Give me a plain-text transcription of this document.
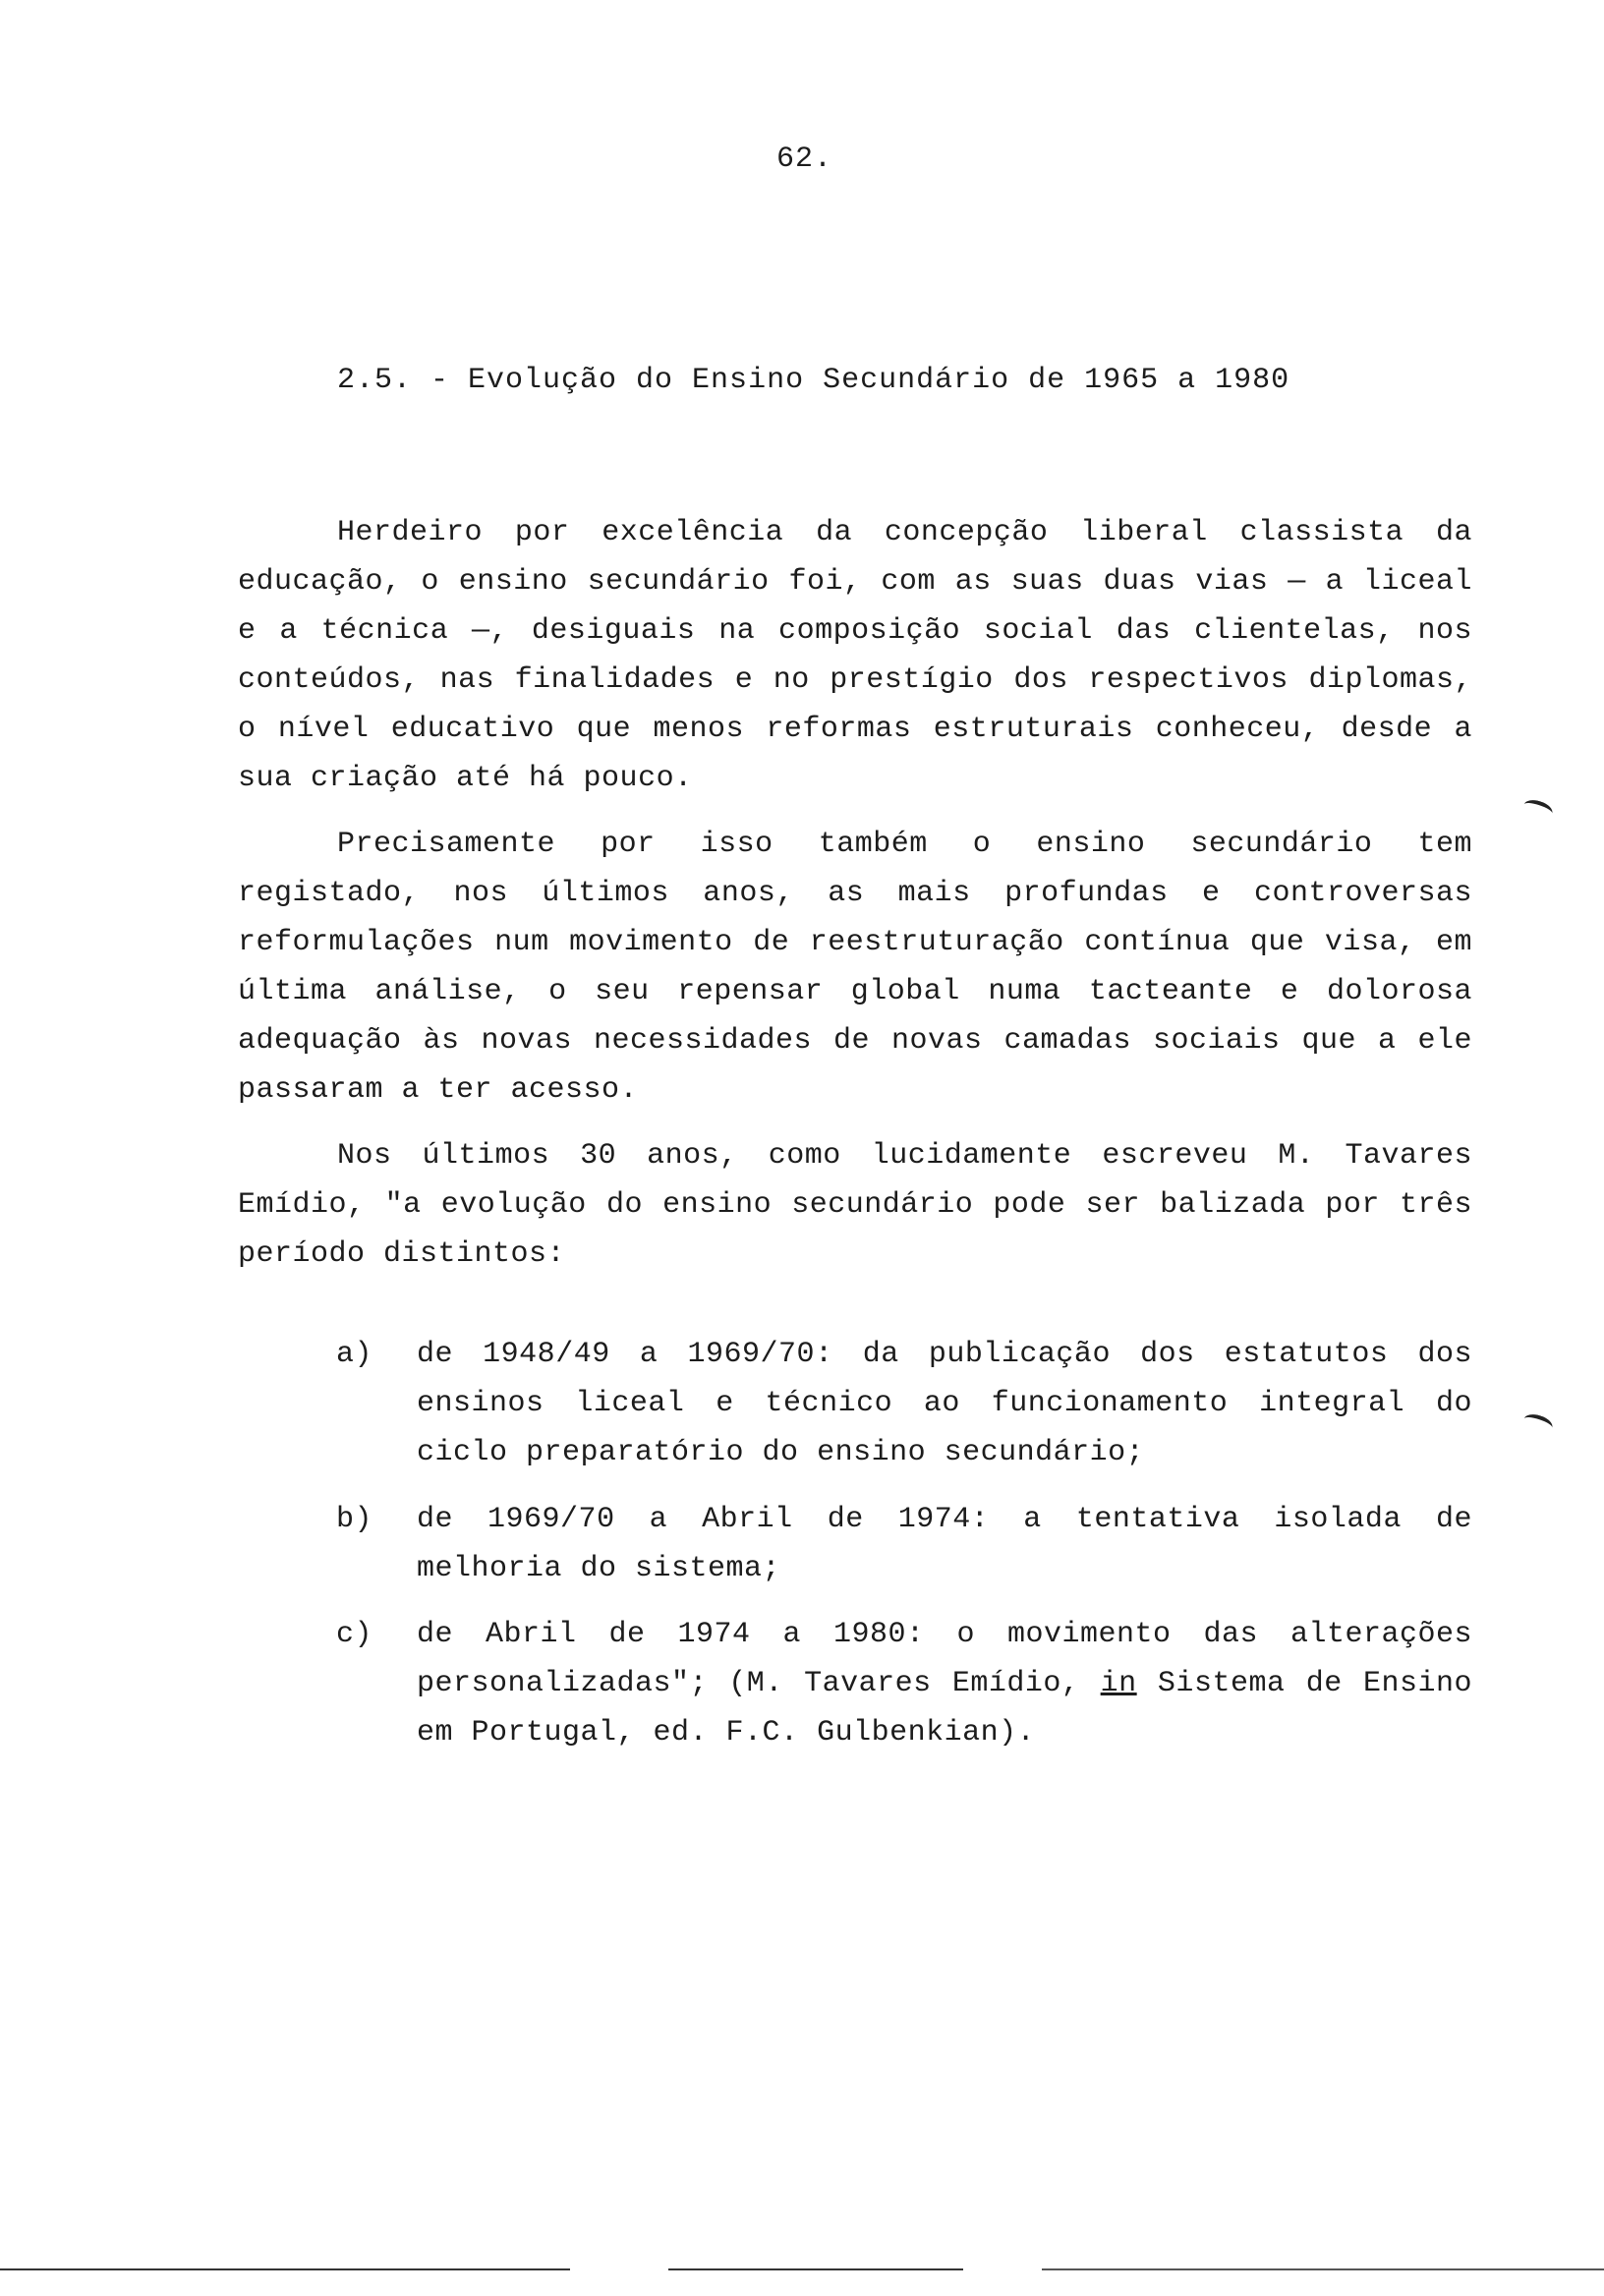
62.
2.5. - Evolução do Ensino Secundário de 1965 a 1980

Herdeiro por excelência da concepção liberal classista da educação, o ensino secundário foi, com as suas duas vias — a liceal e a técnica —, desiguais na composição social das clientelas, nos conteúdos, nas finalidades e no prestígio dos respectivos diplomas, o nível educativo que menos reformas estruturais conheceu, desde a sua criação até há pouco.

Precisamente por isso também o ensino secundário tem registado, nos últimos anos, as mais profundas e controversas reformulações num movimento de reestruturação contínua que visa, em última análise, o seu repensar global numa tacteante e dolorosa adequação às novas necessidades de novas camadas sociais que a ele passaram a ter acesso.

Nos últimos 30 anos, como lucidamente escreveu M. Tavares Emídio, "a evolução do ensino secundário pode ser balizada por três período distintos:

a) de 1948/49 a 1969/70: da publicação dos estatutos dos ensinos liceal e técnico ao funcionamento integral do ciclo preparatório do ensino secundário;
b) de 1969/70 a Abril de 1974: a tentativa isolada de melhoria do sistema;
c) de Abril de 1974 a 1980: o movimento das alterações personalizadas"; (M. Tavares Emídio, in Sistema de Ensino em Portugal, ed. F.C. Gulbenkian).
